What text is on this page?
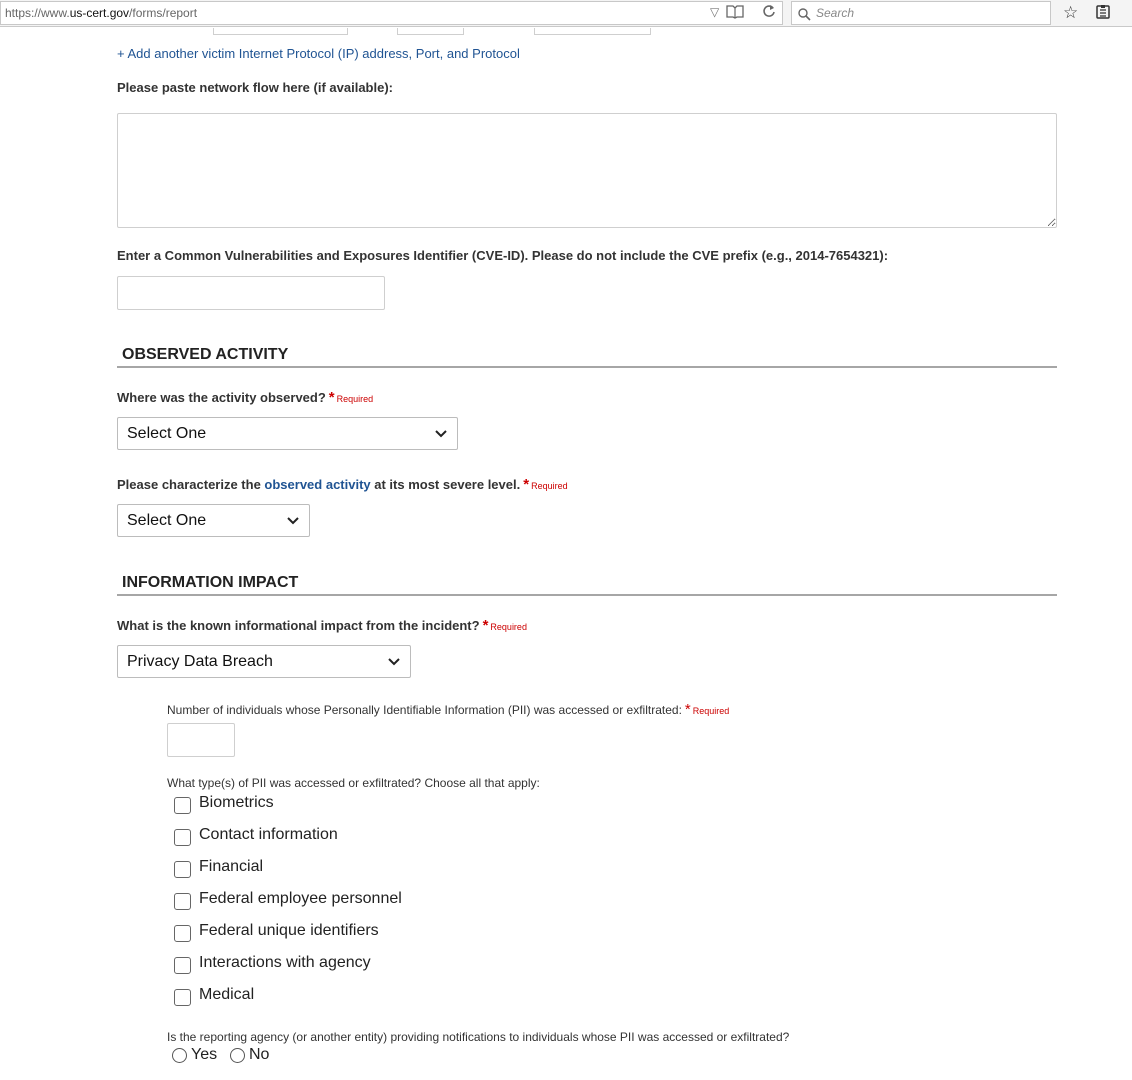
https://www.us-cert.gov/forms/report	▽	Search	☆
+ Add another victim Internet Protocol (IP) address, Port, and Protocol
Please paste network flow here (if available):
Enter a Common Vulnerabilities and Exposures Identifier (CVE-ID). Please do not include the CVE prefix (e.g., 2014-7654321):
OBSERVED ACTIVITY
Where was the activity observed? * Required
Select One
Please characterize the observed activity at its most severe level. * Required
Select One
INFORMATION IMPACT
What is the known informational impact from the incident? * Required
Privacy Data Breach
Number of individuals whose Personally Identifiable Information (PII) was accessed or exfiltrated: * Required
What type(s) of PII was accessed or exfiltrated? Choose all that apply:
Biometrics
Contact information
Financial
Federal employee personnel
Federal unique identifiers
Interactions with agency
Medical
Is the reporting agency (or another entity) providing notifications to individuals whose PII was accessed or exfiltrated?
Yes No
